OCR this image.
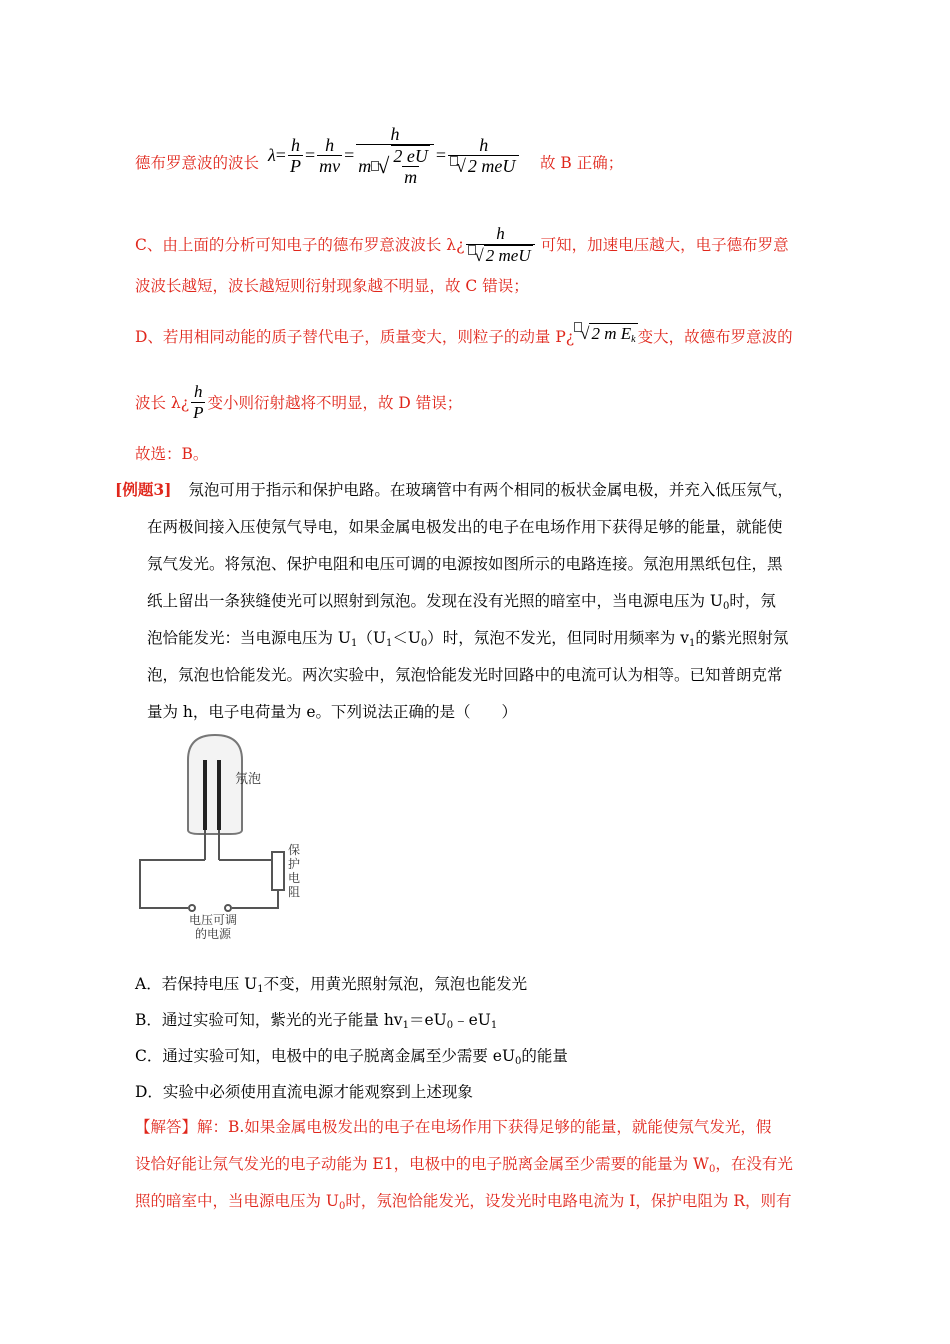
德布罗意波的波长 $\lambda = \frac{h}{P} = \frac{h}{mv} = \frac{h}{m √ \frac{2 eU}{m}} = \frac{h}{\text{√ 2 meU}}$ 故 B 正确；
C、由上面的分析可知电子的德布罗意波波长 λ¿ $\frac{h}{\text{√ 2 meU}}$ 可知，加速电压越大，电子德布罗意
波波长越短，波长越短则衍射现象越不明显，故 C 错误；
D、若用相同动能的质子替代电子，质量变大，则粒子的动量 P¿ √ 2 m $E_k$ 变大，故德布罗意波的
波长 λ¿ $\frac{h}{P}$ 变小则衍射越将不明显，故 D 错误；
故选：B。
[例题3] 氖泡可用于指示和保护电路。在玻璃管中有两个相同的板状金属电极，并充入低压氖气，
在两极间接入压使氖气导电，如果金属电极发出的电子在电场作用下获得足够的能量，就能使
氖气发光。将氖泡、保护电阻和电压可调的电源按如图所示的电路连接。氖泡用黑纸包住，黑
纸上留出一条狭缝使光可以照射到氖泡。发现在没有光照的暗室中，当电源电压为 $U_0$时，氖
泡恰能发光：当电源电压为 $U_1(U_1<U_0)$时，氖泡不发光，但同时用频率为 $v_1$的紫光照射氖
泡，氖泡也恰能发光。两次实验中，氖泡恰能发光时回路中的电流可认为相等。已知普朗克常
量为 h，电子电荷量为 e。下列说法正确的是（　　）
氖泡
保
护
电
阻
电压可调
的电源
A．若保持电压 $U_1$不变，用黄光照射氖泡，氖泡也能发光
B．通过实验可知，紫光的光子能量 $hv_1=eU_0﹣eU_1$
C．通过实验可知，电极中的电子脱离金属至少需要 $eU_0$的能量
D．实验中必须使用直流电源才能观察到上述现象
【解答】解：B.如果金属电极发出的电子在电场作用下获得足够的能量，就能使氖气发光，假
设恰好能让氖气发光的电子动能为 E1，电极中的电子脱离金属至少需要的能量为 $W_0$，在没有光
照的暗室中，当电源电压为 $U_0$时，氖泡恰能发光，设发光时电路电流为 I，保护电阻为 R，则有
